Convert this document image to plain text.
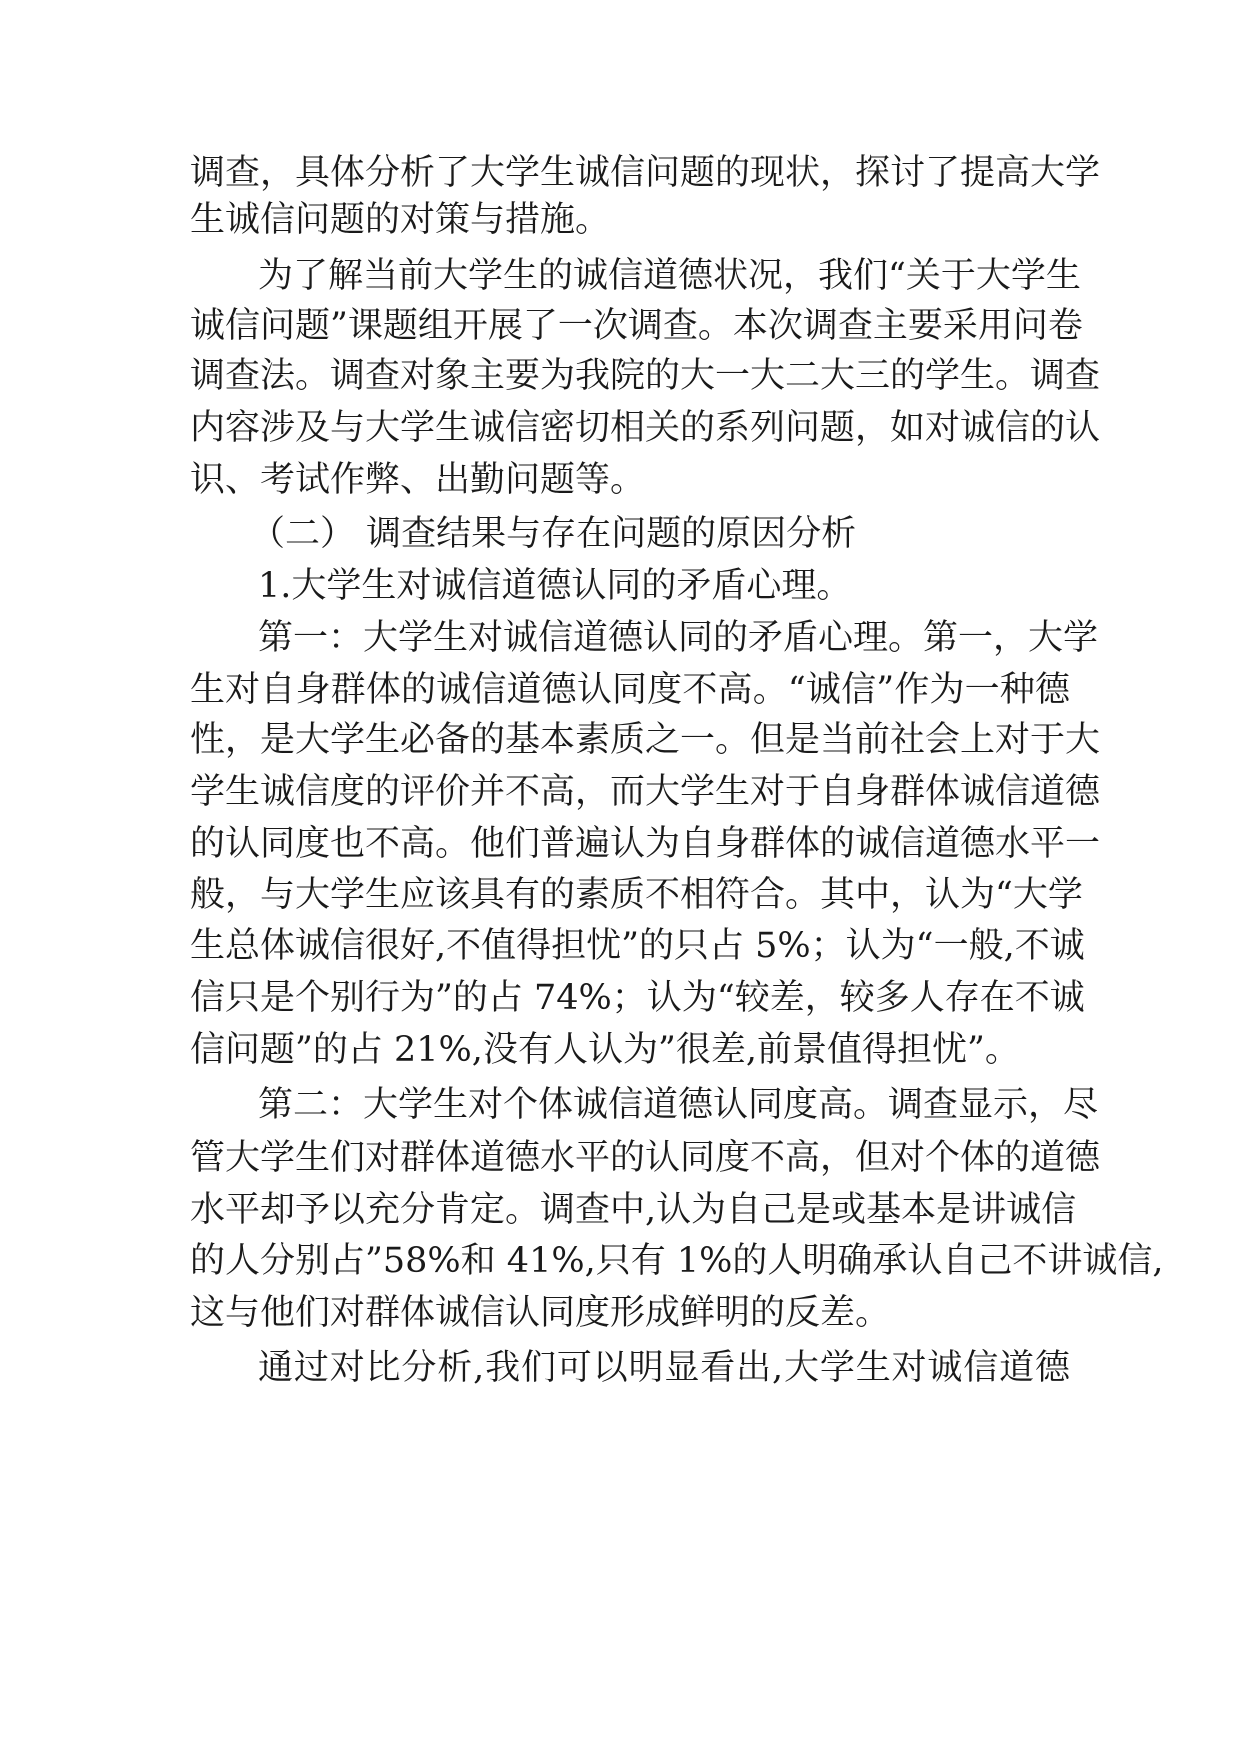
调查，具体分析了大学生诚信问题的现状，探讨了提高大学
生诚信问题的对策与措施。
为了解当前大学生的诚信道德状况，我们“关于大学生
诚信问题”课题组开展了一次调查。本次调查主要采用问卷
调查法。调查对象主要为我院的大一大二大三的学生。调查
内容涉及与大学生诚信密切相关的系列问题，如对诚信的认
识、考试作弊、出勤问题等。
（二） 调查结果与存在问题的原因分析
1.大学生对诚信道德认同的矛盾心理。
第一：大学生对诚信道德认同的矛盾心理。第一，大学
生对自身群体的诚信道德认同度不高。“诚信”作为一种德
性，是大学生必备的基本素质之一。但是当前社会上对于大
学生诚信度的评价并不高，而大学生对于自身群体诚信道德
的认同度也不高。他们普遍认为自身群体的诚信道德水平一
般，与大学生应该具有的素质不相符合。其中，认为“大学
生总体诚信很好,不值得担忧”的只占 5%；认为“一般,不诚
信只是个别行为”的占 74%；认为“较差，较多人存在不诚
信问题”的占 21%,没有人认为”很差,前景值得担忧”。
第二：大学生对个体诚信道德认同度高。调查显示，尽
管大学生们对群体道德水平的认同度不高，但对个体的道德
水平却予以充分肯定。调查中,认为自己是或基本是讲诚信
的人分别占”58%和 41%,只有 1%的人明确承认自己不讲诚信,
这与他们对群体诚信认同度形成鲜明的反差。
通过对比分析,我们可以明显看出,大学生对诚信道德
